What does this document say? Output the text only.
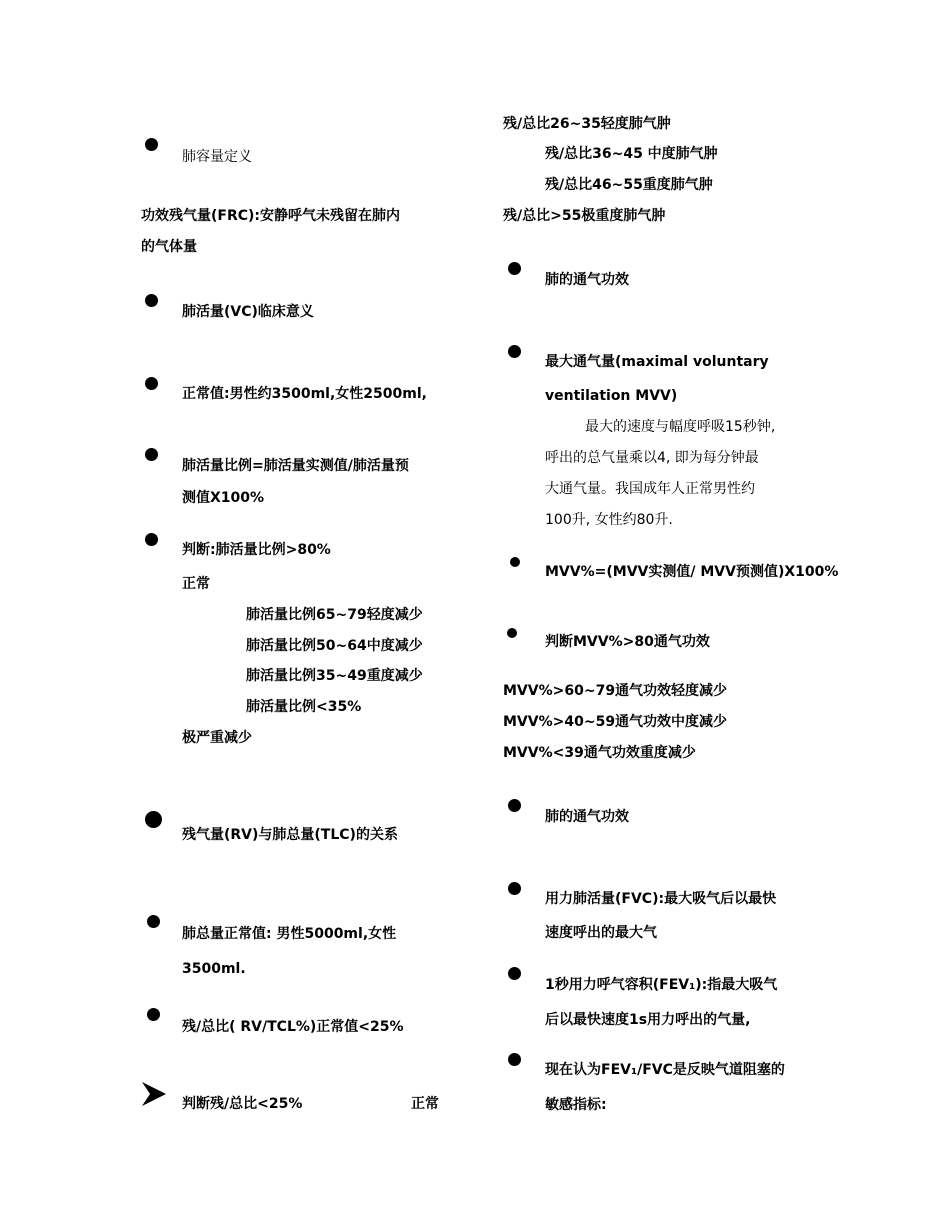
肺容量定义
功效残气量(FRC):安静呼气未残留在肺内
的气体量
肺活量(VC)临床意义
正常值:男性约3500ml,女性2500ml,
肺活量比例=肺活量实测值/肺活量预
测值X100%
判断:肺活量比例>80%
正常
肺活量比例65~79轻度减少
肺活量比例50~64中度减少
肺活量比例35~49重度减少
肺活量比例<35%
极严重减少
残气量(RV)与肺总量(TLC)的关系
肺总量正常值: 男性5000ml,女性
3500ml.
残/总比( RV/TCL%)正常值<25%
判断残/总比<25%	正常
残/总比26~35轻度肺气肿
残/总比36~45 中度肺气肿
残/总比46~55重度肺气肿
残/总比>55极重度肺气肿
肺的通气功效
最大通气量(maximal voluntary
ventilation MVV)
最大的速度与幅度呼吸15秒钟,
呼出的总气量乘以4, 即为每分钟最
大通气量。我国成年人正常男性约
100升, 女性约80升.
MVV%=(MVV实测值/ MVV预测值)X100%
判断MVV%>80通气功效
MVV%>60~79通气功效轻度减少
MVV%>40~59通气功效中度减少
MVV%<39通气功效重度减少
肺的通气功效
用力肺活量(FVC):最大吸气后以最快
速度呼出的最大气
1秒用力呼气容积(FEV₁):指最大吸气
后以最快速度1s用力呼出的气量,
现在认为FEV₁/FVC是反映气道阻塞的
敏感指标:
